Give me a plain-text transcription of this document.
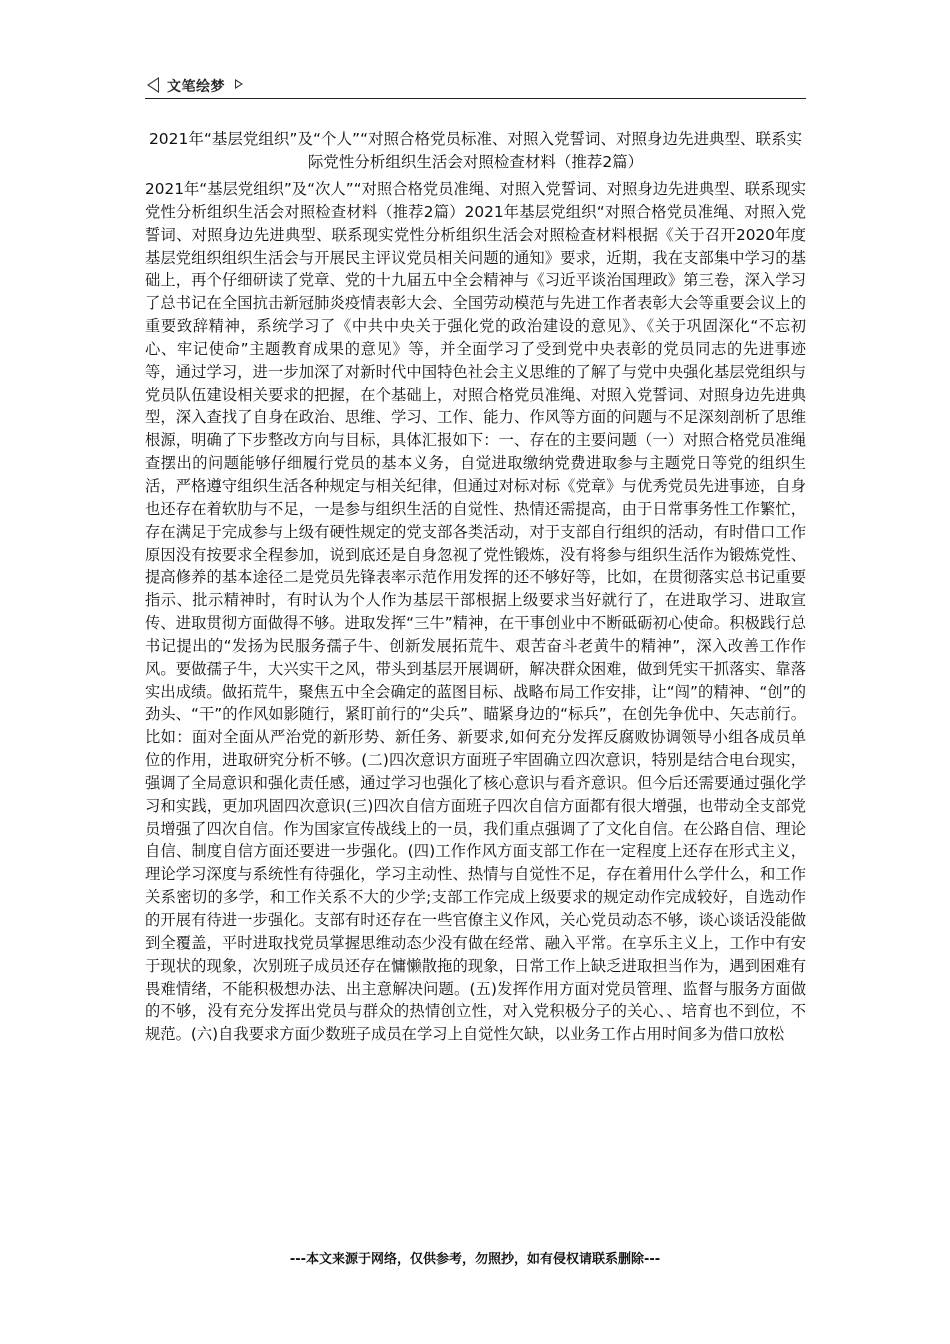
文笔绘梦
2021年“基层党组织”及“个人”“对照合格党员标准、对照入党誓词、对照身边先进典型、联系实际党性分析组织生活会对照检查材料（推荐2篇）
2021年“基层党组织”及“次人”“对照合格党员准绳、对照入党誓词、对照身边先进典型、联系现实党性分析组织生活会对照检查材料（推荐2篇）2021年基层党组织“对照合格党员准绳、对照入党誓词、对照身边先进典型、联系现实党性分析组织生活会对照检查材料根据《关于召开2020年度基层党组织组织生活会与开展民主评议党员相关问题的通知》要求，近期，我在支部集中学习的基础上，再个仔细研读了党章、党的十九届五中全会精神与《习近平谈治国理政》第三卷，深入学习了总书记在全国抗击新冠肺炎疫情表彰大会、全国劳动模范与先进工作者表彰大会等重要会议上的重要致辞精神，系统学习了《中共中央关于强化党的政治建设的意见》、《关于巩固深化“不忘初心、牢记使命”主题教育成果的意见》等，并全面学习了受到党中央表彰的党员同志的先进事迹等，通过学习，进一步加深了对新时代中国特色社会主义思维的了解了与党中央强化基层党组织与党员队伍建设相关要求的把握，在个基础上，对照合格党员准绳、对照入党誓词、对照身边先进典型，深入查找了自身在政治、思维、学习、工作、能力、作风等方面的问题与不足深刻剖析了思维根源，明确了下步整改方向与目标，具体汇报如下：一、存在的主要问题（一）对照合格党员准绳查摆出的问题能够仔细履行党员的基本义务，自觉进取缴纳党费进取参与主题党日等党的组织生活，严格遵守组织生活各种规定与相关纪律，但通过对标对标《党章》与优秀党员先进事迹，自身也还存在着软肋与不足，一是参与组织生活的自觉性、热情还需提高，由于日常事务性工作繁忙，存在满足于完成参与上级有硬性规定的党支部各类活动，对于支部自行组织的活动，有时借口工作原因没有按要求全程参加，说到底还是自身忽视了党性锻炼，没有将参与组织生活作为锻炼党性、提高修养的基本途径二是党员先锋表率示范作用发挥的还不够好等，比如，在贯彻落实总书记重要指示、批示精神时，有时认为个人作为基层干部根据上级要求当好就行了，在进取学习、进取宣传、进取贯彻方面做得不够。进取发挥“三牛”精神，在干事创业中不断砥砺初心使命。积极践行总书记提出的“发扬为民服务孺子牛、创新发展拓荒牛、艰苦奋斗老黄牛的精神”，深入改善工作作风。要做孺子牛，大兴实干之风，带头到基层开展调研，解决群众困难，做到凭实干抓落实、靠落实出成绩。做拓荒牛，聚焦五中全会确定的蓝图目标、战略布局工作安排，让“闯”的精神、“创”的劲头、“干”的作风如影随行，紧盯前行的“尖兵”、瞄紧身边的“标兵”，在创先争优中、矢志前行。比如：面对全面从严治党的新形势、新任务、新要求,如何充分发挥反腐败协调领导小组各成员单位的作用，进取研究分析不够。(二)四次意识方面班子牢固确立四次意识，特别是结合电台现实，强调了全局意识和强化责任感，通过学习也强化了核心意识与看齐意识。但今后还需要通过强化学习和实践，更加巩固四次意识(三)四次自信方面班子四次自信方面都有很大增强，也带动全支部党员增强了四次自信。作为国家宣传战线上的一员，我们重点强调了了文化自信。在公路自信、理论自信、制度自信方面还要进一步强化。(四)工作作风方面支部工作在一定程度上还存在形式主义，理论学习深度与系统性有待强化，学习主动性、热情与自觉性不足，存在着用什么学什么，和工作关系密切的多学，和工作关系不大的少学;支部工作完成上级要求的规定动作完成较好，自选动作的开展有待进一步强化。支部有时还存在一些官僚主义作风，关心党员动态不够，谈心谈话没能做到全覆盖，平时进取找党员掌握思维动态少没有做在经常、融入平常。在享乐主义上，工作中有安于现状的现象，次别班子成员还存在慵懒散拖的现象，日常工作上缺乏进取担当作为，遇到困难有畏难情绪，不能积极想办法、出主意解决问题。(五)发挥作用方面对党员管理、监督与服务方面做的不够，没有充分发挥出党员与群众的热情创立性，对入党积极分子的关心、、培育也不到位，不规范。(六)自我要求方面少数班子成员在学习上自觉性欠缺，以业务工作占用时间多为借口放松
---本文来源于网络，仅供参考，勿照抄，如有侵权请联系删除---
